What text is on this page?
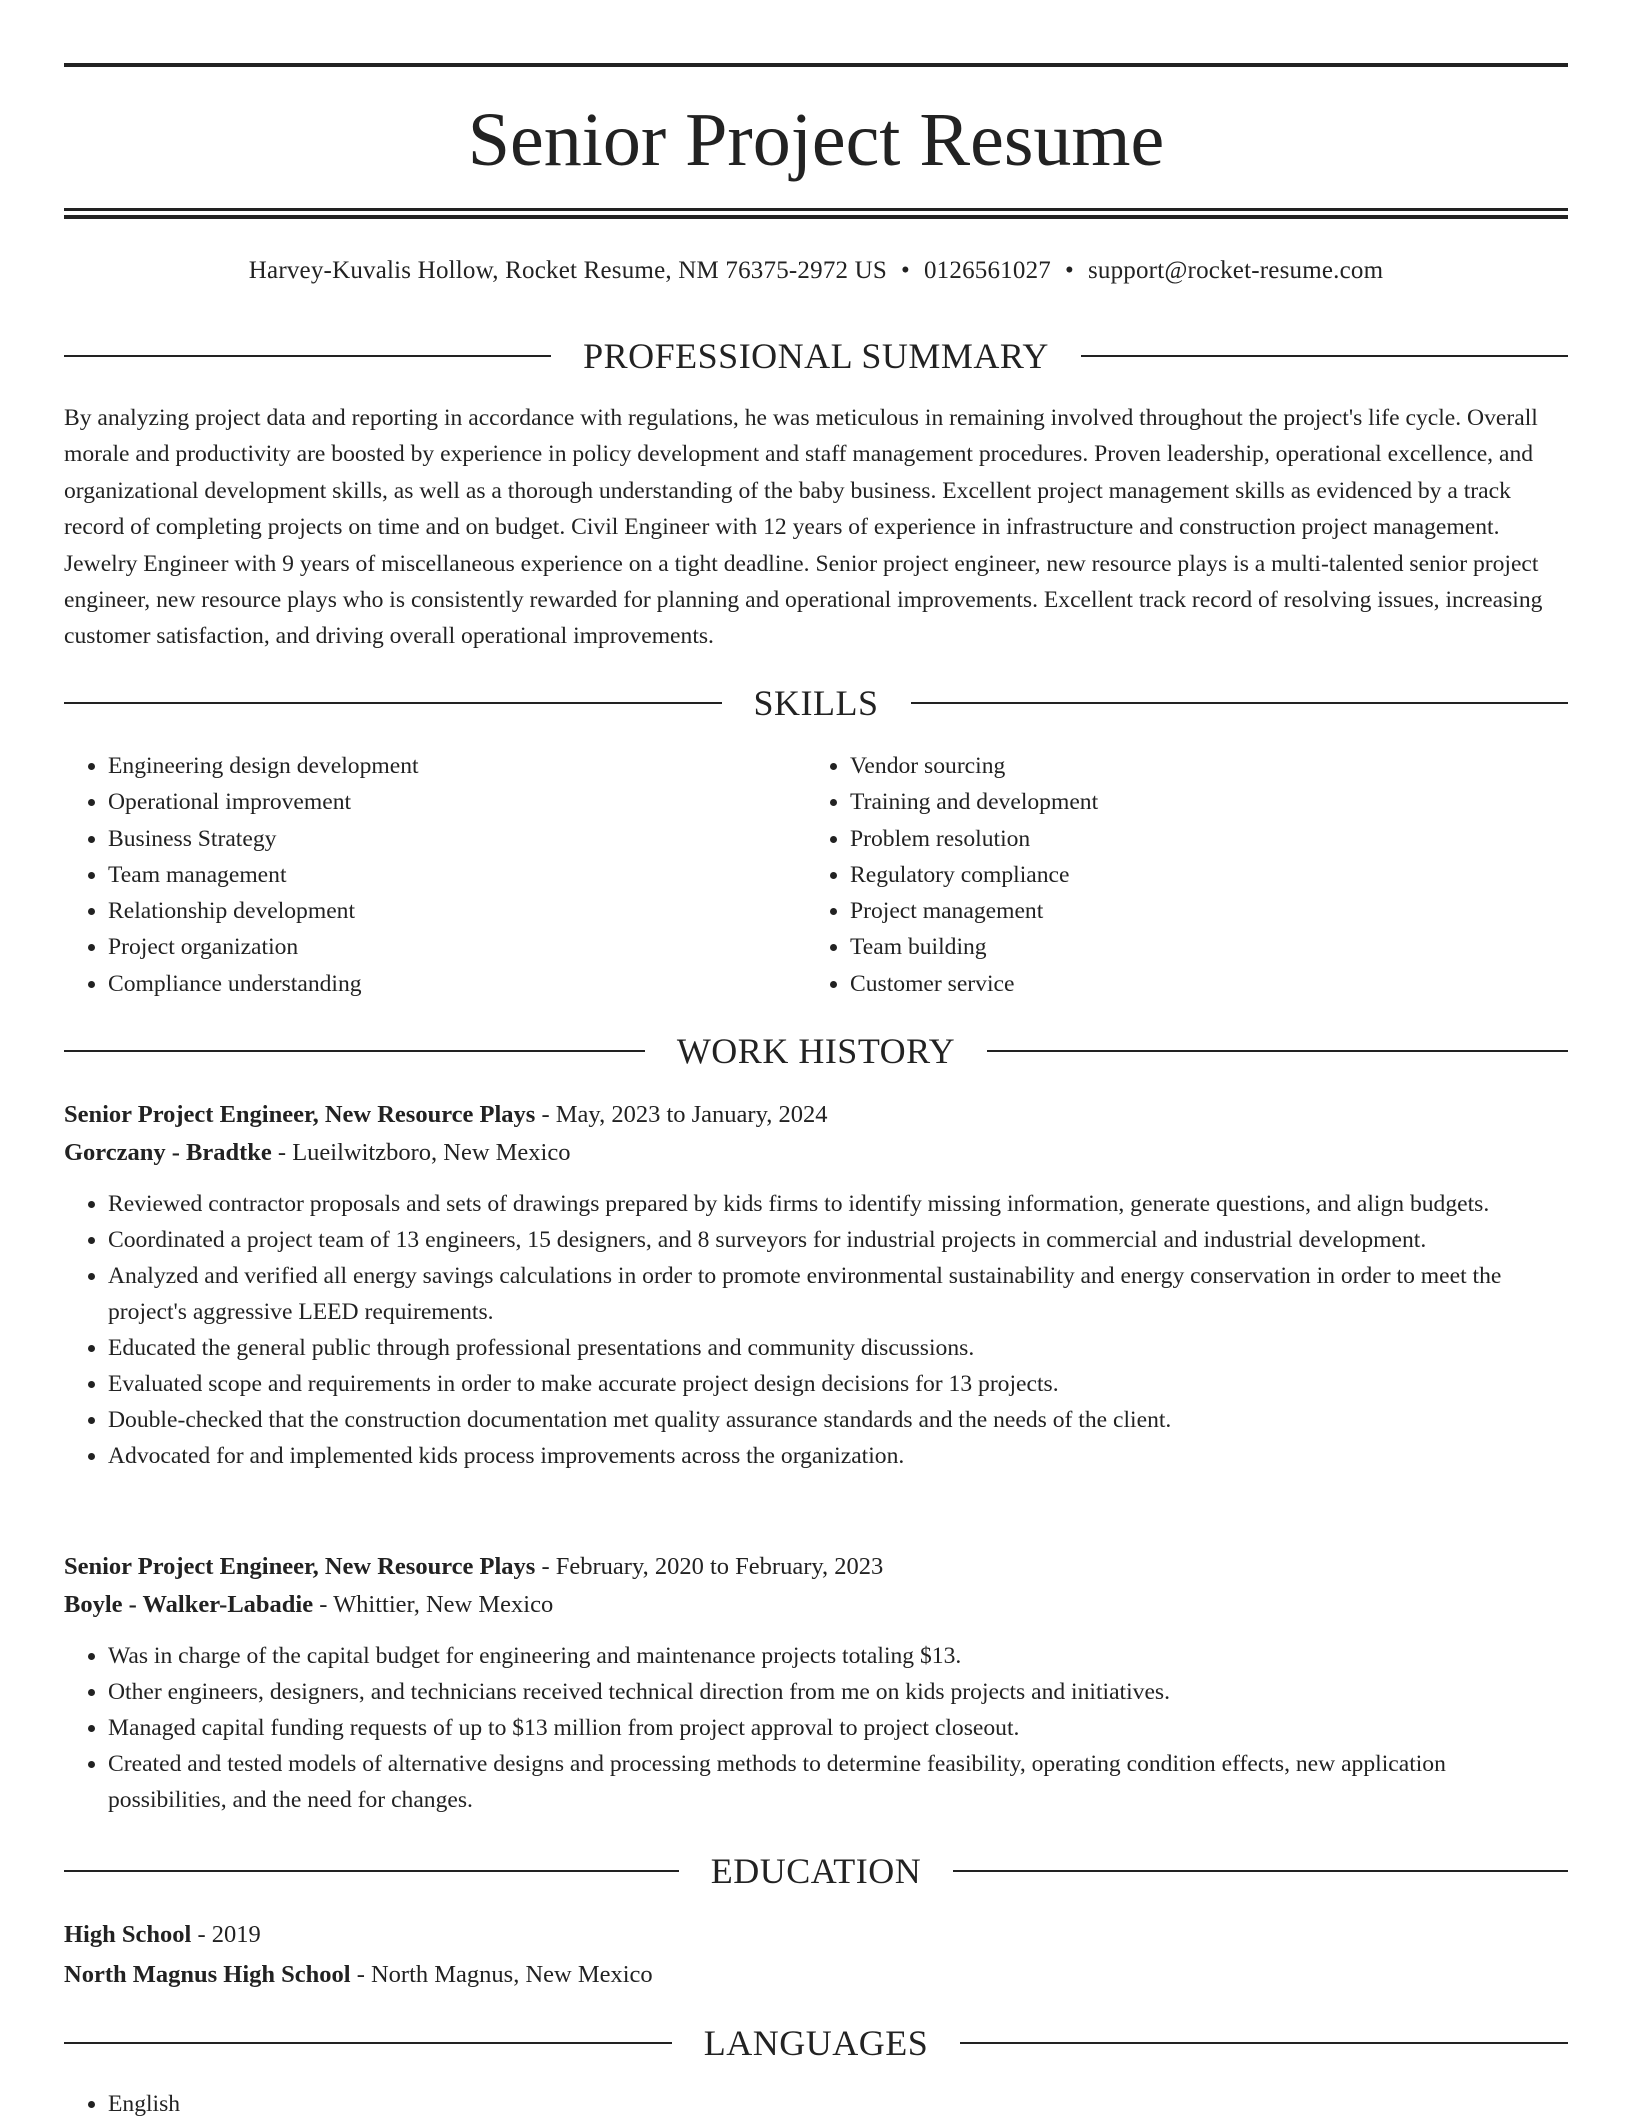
Senior Project Resume
Harvey-Kuvalis Hollow, Rocket Resume, NM 76375-2972 US • 0126561027 • support@rocket-resume.com
PROFESSIONAL SUMMARY
By analyzing project data and reporting in accordance with regulations, he was meticulous in remaining involved throughout the project's life cycle. Overall morale and productivity are boosted by experience in policy development and staff management procedures. Proven leadership, operational excellence, and organizational development skills, as well as a thorough understanding of the baby business. Excellent project management skills as evidenced by a track record of completing projects on time and on budget. Civil Engineer with 12 years of experience in infrastructure and construction project management. Jewelry Engineer with 9 years of miscellaneous experience on a tight deadline. Senior project engineer, new resource plays is a multi-talented senior project engineer, new resource plays who is consistently rewarded for planning and operational improvements. Excellent track record of resolving issues, increasing customer satisfaction, and driving overall operational improvements.
SKILLS
• Engineering design development
• Operational improvement
• Business Strategy
• Team management
• Relationship development
• Project organization
• Compliance understanding
• Vendor sourcing
• Training and development
• Problem resolution
• Regulatory compliance
• Project management
• Team building
• Customer service
WORK HISTORY
Senior Project Engineer, New Resource Plays - May, 2023 to January, 2024
Gorczany - Bradtke - Lueilwitzboro, New Mexico
• Reviewed contractor proposals and sets of drawings prepared by kids firms to identify missing information, generate questions, and align budgets.
• Coordinated a project team of 13 engineers, 15 designers, and 8 surveyors for industrial projects in commercial and industrial development.
• Analyzed and verified all energy savings calculations in order to promote environmental sustainability and energy conservation in order to meet the project's aggressive LEED requirements.
• Educated the general public through professional presentations and community discussions.
• Evaluated scope and requirements in order to make accurate project design decisions for 13 projects.
• Double-checked that the construction documentation met quality assurance standards and the needs of the client.
• Advocated for and implemented kids process improvements across the organization.
Senior Project Engineer, New Resource Plays - February, 2020 to February, 2023
Boyle - Walker-Labadie - Whittier, New Mexico
• Was in charge of the capital budget for engineering and maintenance projects totaling $13.
• Other engineers, designers, and technicians received technical direction from me on kids projects and initiatives.
• Managed capital funding requests of up to $13 million from project approval to project closeout.
• Created and tested models of alternative designs and processing methods to determine feasibility, operating condition effects, new application possibilities, and the need for changes.
EDUCATION
High School - 2019
North Magnus High School - North Magnus, New Mexico
LANGUAGES
• English
